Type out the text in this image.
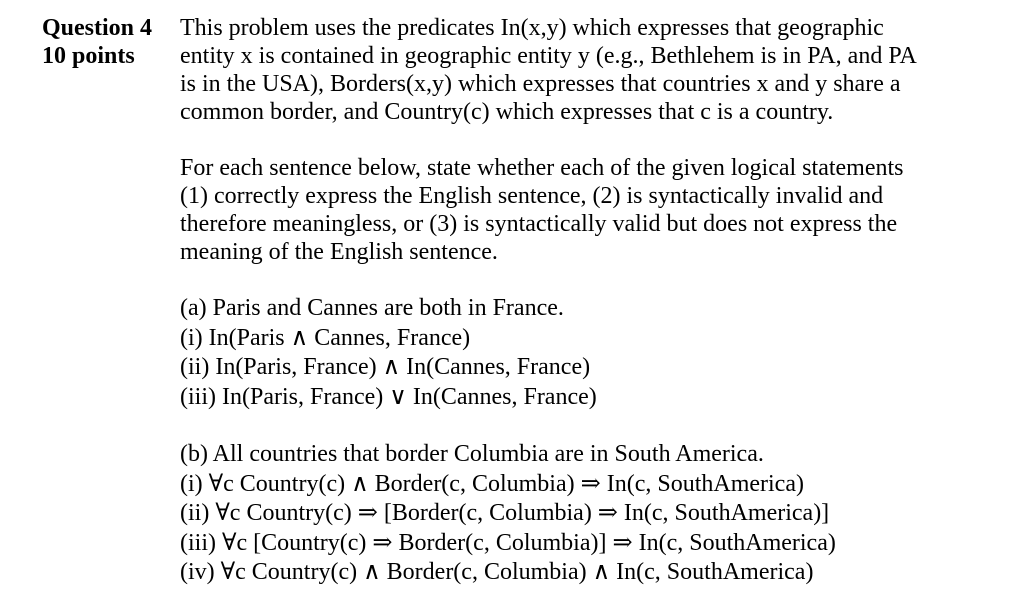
Question 4
10 points
This problem uses the predicates In(x,y) which expresses that geographic
entity x is contained in geographic entity y (e.g., Bethlehem is in PA, and PA
is in the USA), Borders(x,y) which expresses that countries x and y share a
common border, and Country(c) which expresses that c is a country.
For each sentence below, state whether each of the given logical statements
(1) correctly express the English sentence, (2) is syntactically invalid and
therefore meaningless, or (3) is syntactically valid but does not express the
meaning of the English sentence.
(a) Paris and Cannes are both in France.
(i) In(Paris ∧ Cannes, France)
(ii) In(Paris, France) ∧ In(Cannes, France)
(iii) In(Paris, France) ∨ In(Cannes, France)
(b) All countries that border Columbia are in South America.
(i) ∀c Country(c) ∧ Border(c, Columbia) ⇒ In(c, SouthAmerica)
(ii) ∀c Country(c) ⇒ [Border(c, Columbia) ⇒ In(c, SouthAmerica)]
(iii) ∀c [Country(c) ⇒ Border(c, Columbia)] ⇒ In(c, SouthAmerica)
(iv) ∀c Country(c) ∧ Border(c, Columbia) ∧ In(c, SouthAmerica)
